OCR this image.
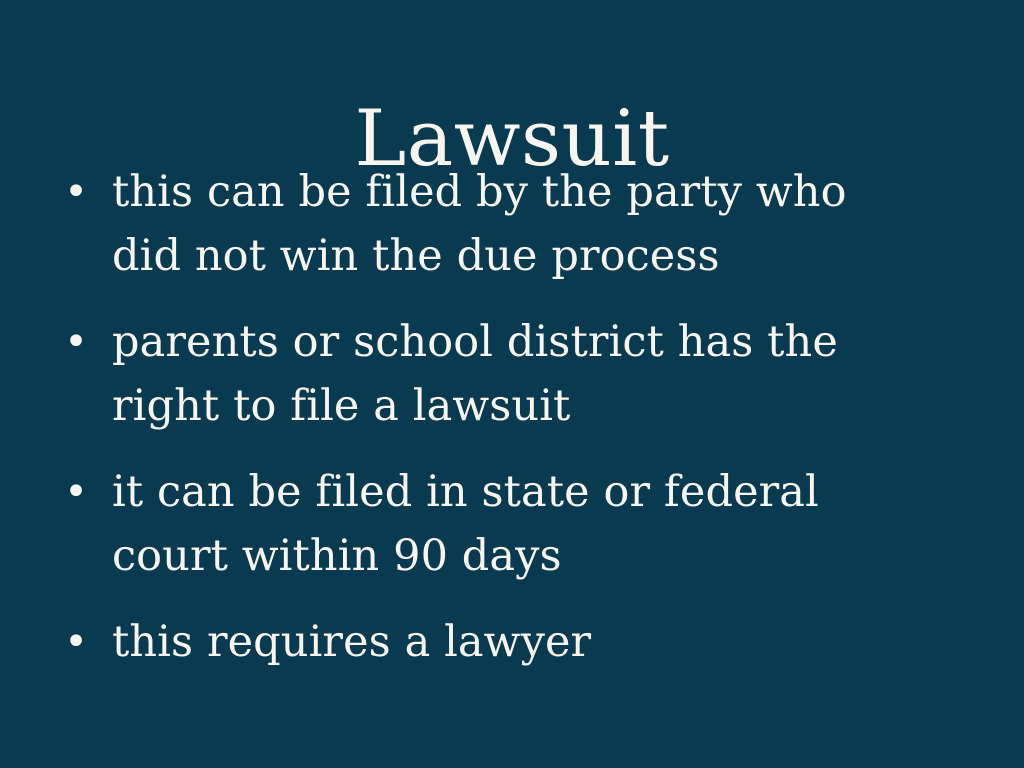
Lawsuit
• this can be filed by the party who did not win the due process
• parents or school district has the right to file a lawsuit
• it can be filed in state or federal court within 90 days
• this requires a lawyer
